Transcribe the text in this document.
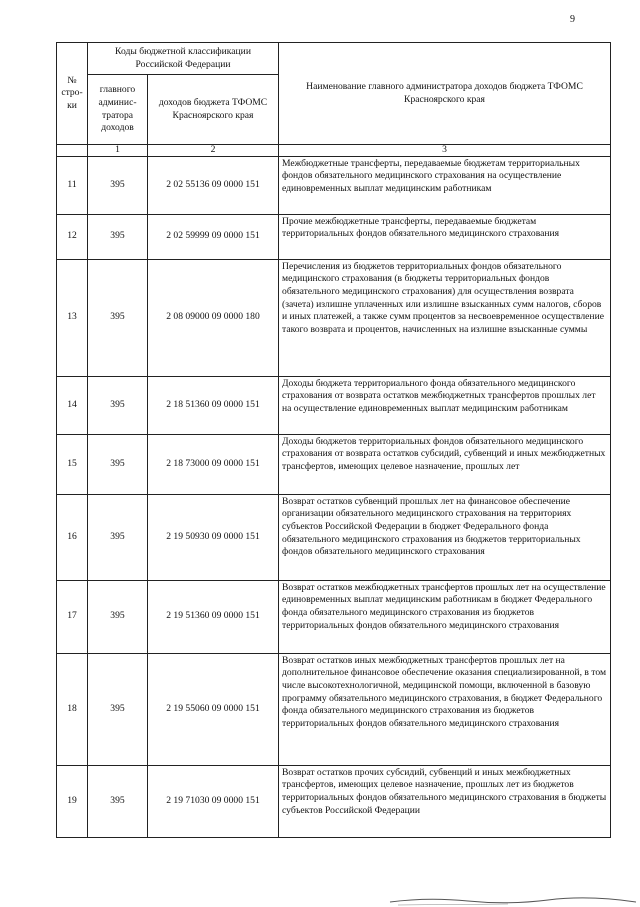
9
№ стро-ки	Коды бюджетной классификации Российской Федерации		Наименование главного администратора доходов бюджета ТФОМС Красноярского края
	главного админис-тратора доходов	доходов бюджета ТФОМС Красноярского края	
	1	2	3
11	395	2 02 55136 09 0000 151	Межбюджетные трансферты, передаваемые бюджетам территориальных фондов обязательного медицинского страхования на осуществление единовременных выплат медицинским работникам
12	395	2 02 59999 09 0000 151	Прочие межбюджетные трансферты, передаваемые бюджетам территориальных фондов обязательного медицинского страхования
13	395	2 08 09000 09 0000 180	Перечисления из бюджетов территориальных фондов обязательного медицинского страхования (в бюджеты территориальных фондов обязательного медицинского страхования) для осуществления возврата (зачета) излишне уплаченных или излишне взысканных сумм налогов, сборов и иных платежей, а также сумм процентов за несвоевременное осуществление такого возврата и процентов, начисленных на излишне взысканные суммы
14	395	2 18 51360 09 0000 151	Доходы бюджета территориального фонда обязательного медицинского страхования от возврата остатков межбюджетных трансфертов прошлых лет на осуществление единовременных выплат медицинским работникам
15	395	2 18 73000 09 0000 151	Доходы бюджетов территориальных фондов обязательного медицинского страхования от возврата остатков субсидий, субвенций и иных межбюджетных трансфертов, имеющих целевое назначение, прошлых лет
16	395	2 19 50930 09 0000 151	Возврат остатков субвенций прошлых лет на финансовое обеспечение организации обязательного медицинского страхования на территориях субъектов Российской Федерации в бюджет Федерального фонда обязательного медицинского страхования из бюджетов территориальных фондов обязательного медицинского страхования
17	395	2 19 51360 09 0000 151	Возврат остатков межбюджетных трансфертов прошлых лет на осуществление единовременных выплат медицинским работникам в бюджет Федерального фонда обязательного медицинского страхования из бюджетов территориальных фондов обязательного медицинского страхования
18	395	2 19 55060 09 0000 151	Возврат остатков иных межбюджетных трансфертов прошлых лет на дополнительное финансовое обеспечение оказания специализированной, в том числе высокотехнологичной, медицинской помощи, включенной в базовую программу обязательного медицинского страхования, в бюджет Федерального фонда обязательного медицинского страхования из бюджетов территориальных фондов обязательного медицинского страхования
19	395	2 19 71030 09 0000 151	Возврат остатков прочих субсидий, субвенций и иных межбюджетных трансфертов, имеющих целевое назначение, прошлых лет из бюджетов территориальных фондов обязательного медицинского страхования в бюджеты субъектов Российской Федерации
